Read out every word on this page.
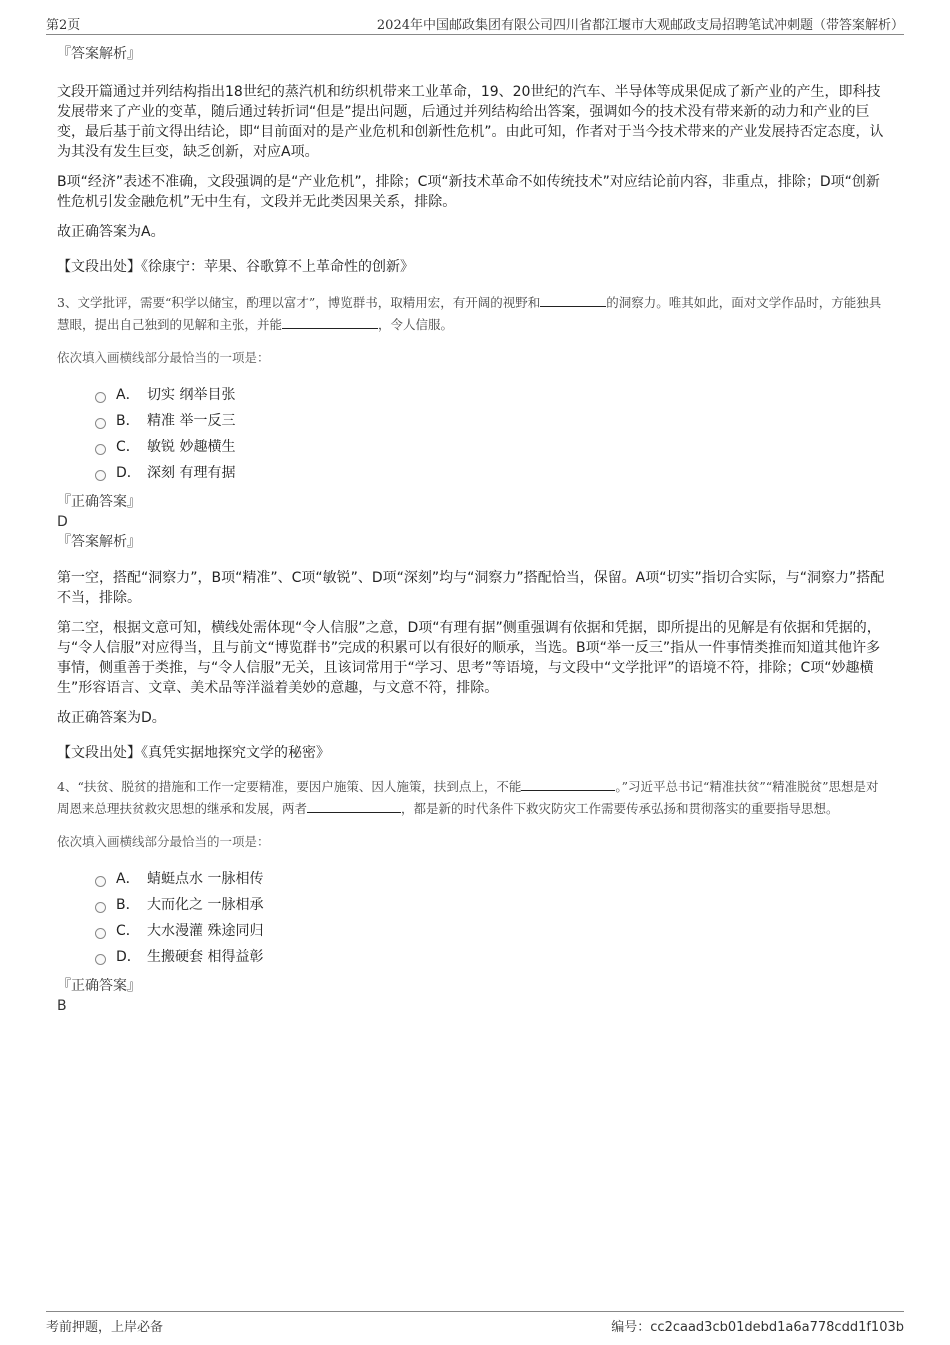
第2页	2024年中国邮政集团有限公司四川省都江堰市大观邮政支局招聘笔试冲刺题（带答案解析）
『答案解析』

文段开篇通过并列结构指出18世纪的蒸汽机和纺织机带来工业革命，19、20世纪的汽车、半导体等成果促成了新产业的产生，即科技发展带来了产业的变革，随后通过转折词“但是”提出问题，后通过并列结构给出答案，强调如今的技术没有带来新的动力和产业的巨变，最后基于前文得出结论，即“目前面对的是产业危机和创新性危机”。由此可知，作者对于当今技术带来的产业发展持否定态度，认为其没有发生巨变，缺乏创新，对应A项。

B项“经济”表述不准确，文段强调的是“产业危机”，排除；C项“新技术革命不如传统技术”对应结论前内容，非重点，排除；D项“创新性危机引发金融危机”无中生有，文段并无此类因果关系，排除。

故正确答案为A。

【文段出处】《徐康宁：苹果、谷歌算不上革命性的创新》

3、文学批评，需要“积学以储宝，酌理以富才”，博览群书，取精用宏，有开阔的视野和	的洞察力。唯其如此，面对文学作品时，方能独具慧眼，提出自己独到的见解和主张，并能	，令人信服。

依次填入画横线部分最恰当的一项是：

A． 切实 纲举目张
B． 精准 举一反三
C． 敏锐 妙趣横生
D． 深刻 有理有据
『正确答案』
D
『答案解析』

第一空，搭配“洞察力”，B项“精准”、C项“敏锐”、D项“深刻”均与“洞察力”搭配恰当，保留。A项“切实”指切合实际，与“洞察力”搭配不当，排除。

第二空，根据文意可知，横线处需体现“令人信服”之意，D项“有理有据”侧重强调有依据和凭据，即所提出的见解是有依据和凭据的，与“令人信服”对应得当，且与前文“博览群书”完成的积累可以有很好的顺承，当选。B项“举一反三”指从一件事情类推而知道其他许多事情，侧重善于类推，与“令人信服”无关，且该词常用于“学习、思考”等语境，与文段中“文学批评”的语境不符，排除；C项“妙趣横生”形容语言、文章、美术品等洋溢着美妙的意趣，与文意不符，排除。

故正确答案为D。

【文段出处】《真凭实据地探究文学的秘密》

4、“扶贫、脱贫的措施和工作一定要精准，要因户施策、因人施策，扶到点上，不能	。”习近平总书记“精准扶贫”“精准脱贫”思想是对周恩来总理扶贫救灾思想的继承和发展，两者	，都是新的时代条件下救灾防灾工作需要传承弘扬和贯彻落实的重要指导思想。

依次填入画横线部分最恰当的一项是：

A． 蜻蜓点水 一脉相传
B． 大而化之 一脉相承
C． 大水漫灌 殊途同归
D． 生搬硬套 相得益彰
『正确答案』
B
考前押题，上岸必备	编号：cc2caad3cb01debd1a6a778cdd1f103b
